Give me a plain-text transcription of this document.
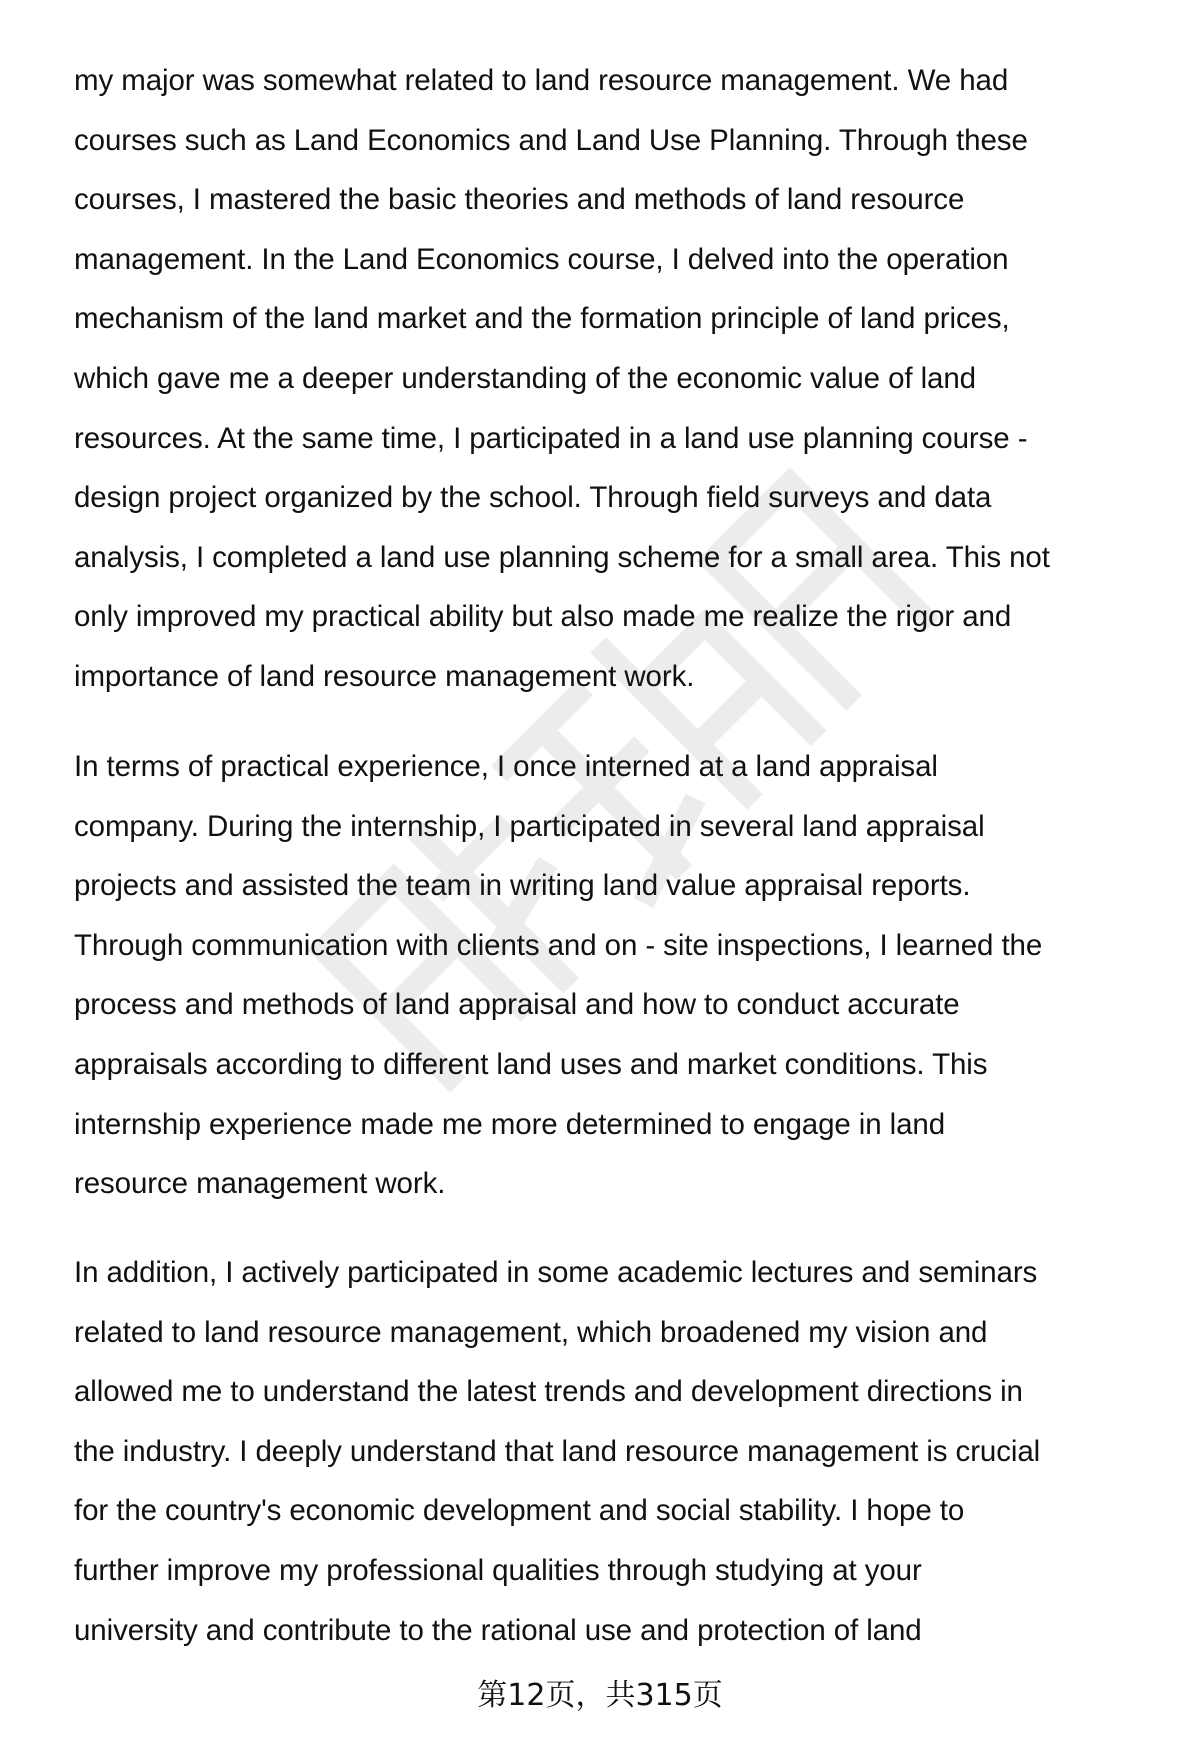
my major was somewhat related to land resource management. We had
courses such as Land Economics and Land Use Planning. Through these
courses, I mastered the basic theories and methods of land resource
management. In the Land Economics course, I delved into the operation
mechanism of the land market and the formation principle of land prices,
which gave me a deeper understanding of the economic value of land
resources. At the same time, I participated in a land use planning course -
design project organized by the school. Through field surveys and data
analysis, I completed a land use planning scheme for a small area. This not
only improved my practical ability but also made me realize the rigor and
importance of land resource management work.
In terms of practical experience, I once interned at a land appraisal
company. During the internship, I participated in several land appraisal
projects and assisted the team in writing land value appraisal reports.
Through communication with clients and on - site inspections, I learned the
process and methods of land appraisal and how to conduct accurate
appraisals according to different land uses and market conditions. This
internship experience made me more determined to engage in land
resource management work.
In addition, I actively participated in some academic lectures and seminars
related to land resource management, which broadened my vision and
allowed me to understand the latest trends and development directions in
the industry. I deeply understand that land resource management is crucial
for the country's economic development and social stability. I hope to
further improve my professional qualities through studying at your
university and contribute to the rational use and protection of land
第12页，共315页
